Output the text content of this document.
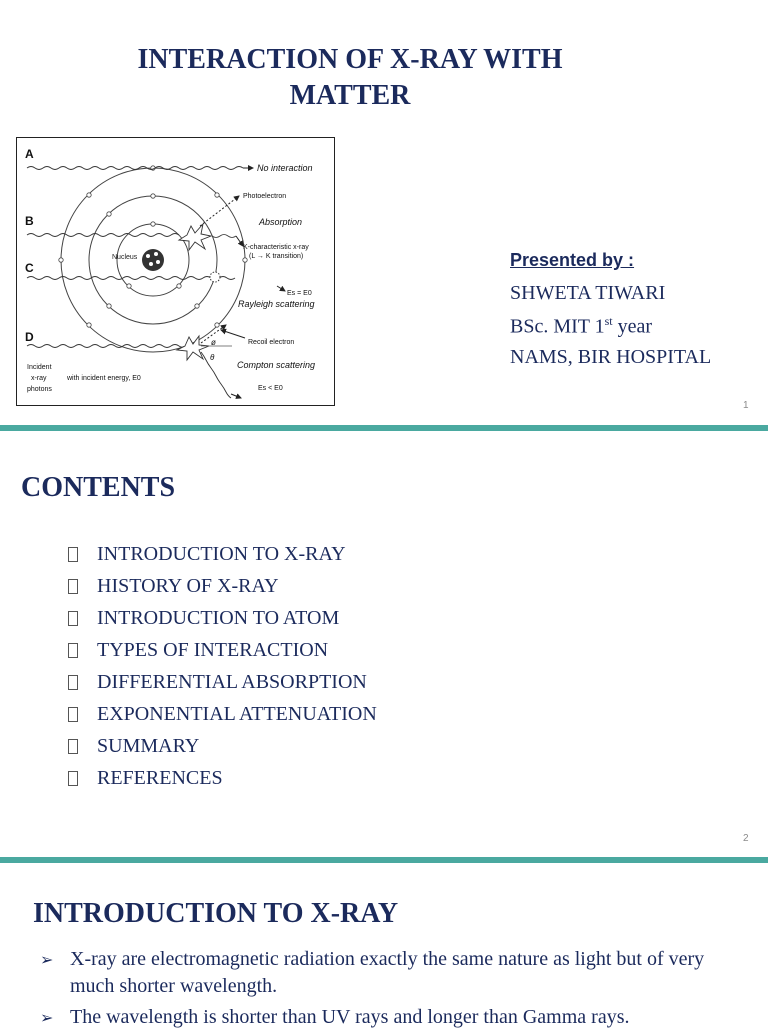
INTERACTION OF X-RAY WITH
MATTER
Nucleus
A
No interaction
B
Photoelectron
Absorption
K-characteristic x-ray
(L → K transition)
C
Es = E0
Rayleigh scattering
D	Recoil electron
ø
θ
Compton scattering
Incident
x-ray
photons
with incident energy, E0
Es < E0
Presented by :
SHWETA TIWARI
BSc. MIT 1st year
NAMS, BIR HOSPITAL
1
CONTENTS
INTRODUCTION TO X-RAY
HISTORY OF X-RAY
INTRODUCTION TO ATOM
TYPES OF INTERACTION
DIFFERENTIAL ABSORPTION
EXPONENTIAL ATTENUATION
SUMMARY
REFERENCES
2
INTRODUCTION TO X-RAY
➢ X-ray are electromagnetic radiation exactly the same nature as light but of very much shorter wavelength.
➢ The wavelength is shorter than UV rays and longer than Gamma rays.
